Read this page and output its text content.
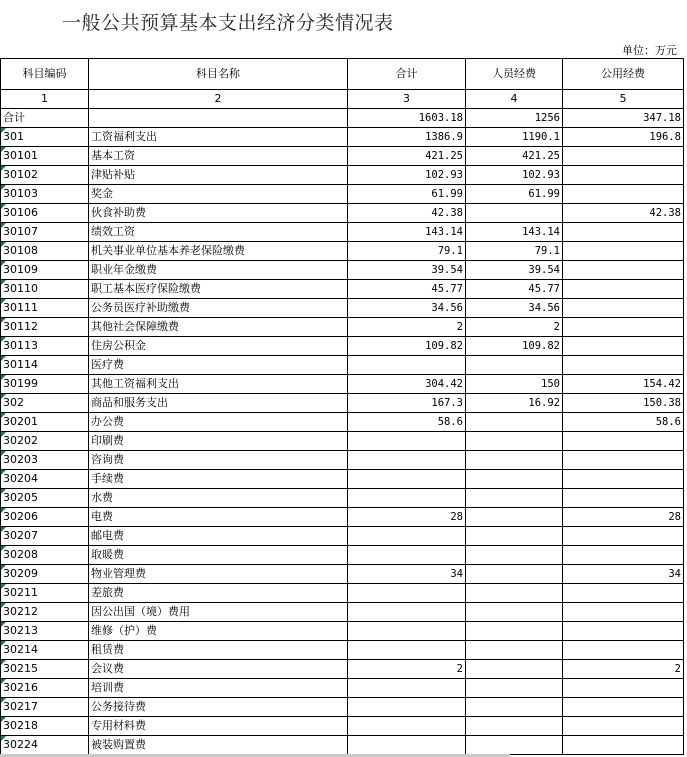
一般公共预算基本支出经济分类情况表
单位：万元
科目编码	科目名称	合计	人员经费	公用经费
1	2	3	4	5
合计		1603.18	1256	347.18

301	工资福利支出	1386.9	1190.1	196.8

30101	基本工资	421.25	421.25	

30102	津贴补贴	102.93	102.93	

30103	奖金	61.99	61.99	

30106	伙食补助费	42.38		42.38

30107	绩效工资	143.14	143.14	

30108	机关事业单位基本养老保险缴费	79.1	79.1	

30109	职业年金缴费	39.54	39.54	

30110	职工基本医疗保险缴费	45.77	45.77	

30111	公务员医疗补助缴费	34.56	34.56	

30112	其他社会保障缴费	2	2	

30113	住房公积金	109.82	109.82	

30114	医疗费			

30199	其他工资福利支出	304.42	150	154.42

302	商品和服务支出	167.3	16.92	150.38

30201	办公费	58.6		58.6

30202	印刷费			

30203	咨询费			

30204	手续费			

30205	水费			

30206	电费	28		28

30207	邮电费			

30208	取暖费			

30209	物业管理费	34		34

30211	差旅费			

30212	因公出国（境）费用			

30213	维修（护）费			

30214	租赁费			

30215	会议费	2		2

30216	培训费			

30217	公务接待费			

30218	专用材料费			

30224	被装购置费			
